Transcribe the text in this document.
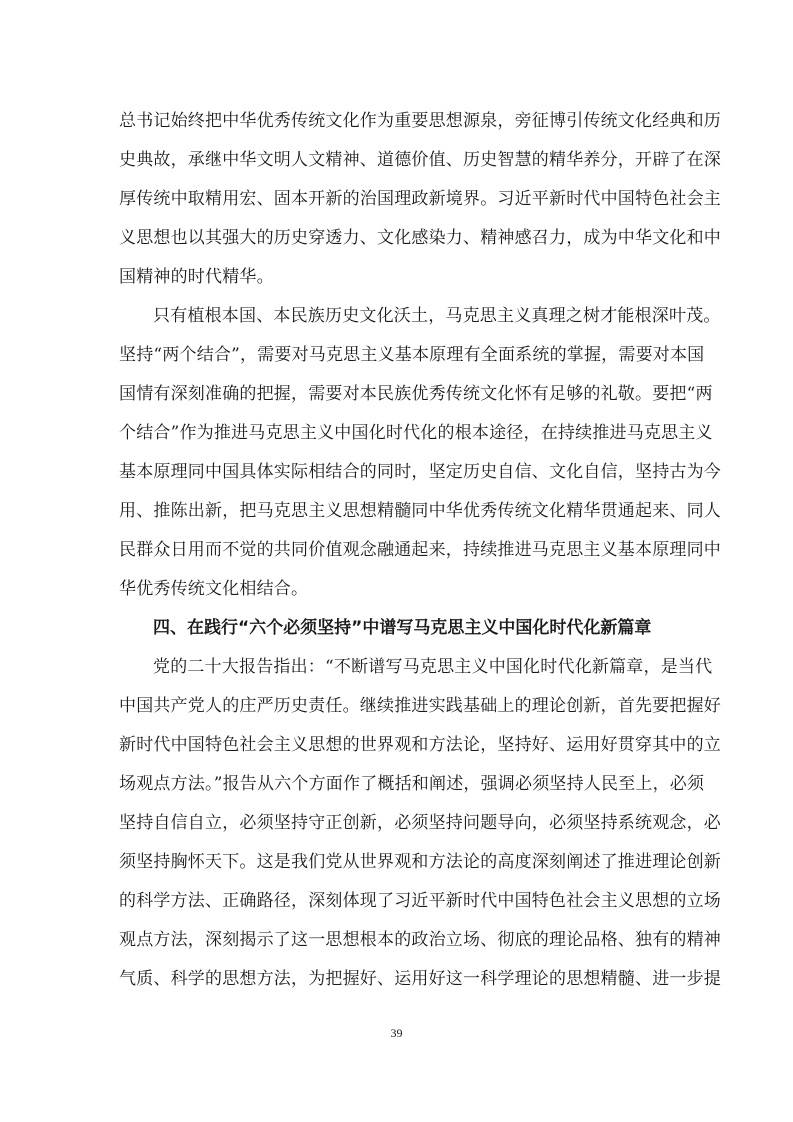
总书记始终把中华优秀传统文化作为重要思想源泉，旁征博引传统文化经典和历
史典故，承继中华文明人文精神、道德价值、历史智慧的精华养分，开辟了在深
厚传统中取精用宏、固本开新的治国理政新境界。习近平新时代中国特色社会主
义思想也以其强大的历史穿透力、文化感染力、精神感召力，成为中华文化和中
国精神的时代精华。
只有植根本国、本民族历史文化沃土，马克思主义真理之树才能根深叶茂。
坚持“两个结合”，需要对马克思主义基本原理有全面系统的掌握，需要对本国
国情有深刻准确的把握，需要对本民族优秀传统文化怀有足够的礼敬。要把“两
个结合”作为推进马克思主义中国化时代化的根本途径，在持续推进马克思主义
基本原理同中国具体实际相结合的同时，坚定历史自信、文化自信，坚持古为今
用、推陈出新，把马克思主义思想精髓同中华优秀传统文化精华贯通起来、同人
民群众日用而不觉的共同价值观念融通起来，持续推进马克思主义基本原理同中
华优秀传统文化相结合。
四、在践行“六个必须坚持”中谱写马克思主义中国化时代化新篇章
党的二十大报告指出：“不断谱写马克思主义中国化时代化新篇章，是当代
中国共产党人的庄严历史责任。继续推进实践基础上的理论创新，首先要把握好
新时代中国特色社会主义思想的世界观和方法论，坚持好、运用好贯穿其中的立
场观点方法。”报告从六个方面作了概括和阐述，强调必须坚持人民至上，必须
坚持自信自立，必须坚持守正创新，必须坚持问题导向，必须坚持系统观念，必
须坚持胸怀天下。这是我们党从世界观和方法论的高度深刻阐述了推进理论创新
的科学方法、正确路径，深刻体现了习近平新时代中国特色社会主义思想的立场
观点方法，深刻揭示了这一思想根本的政治立场、彻底的理论品格、独有的精神
气质、科学的思想方法，为把握好、运用好这一科学理论的思想精髓、进一步提
39
